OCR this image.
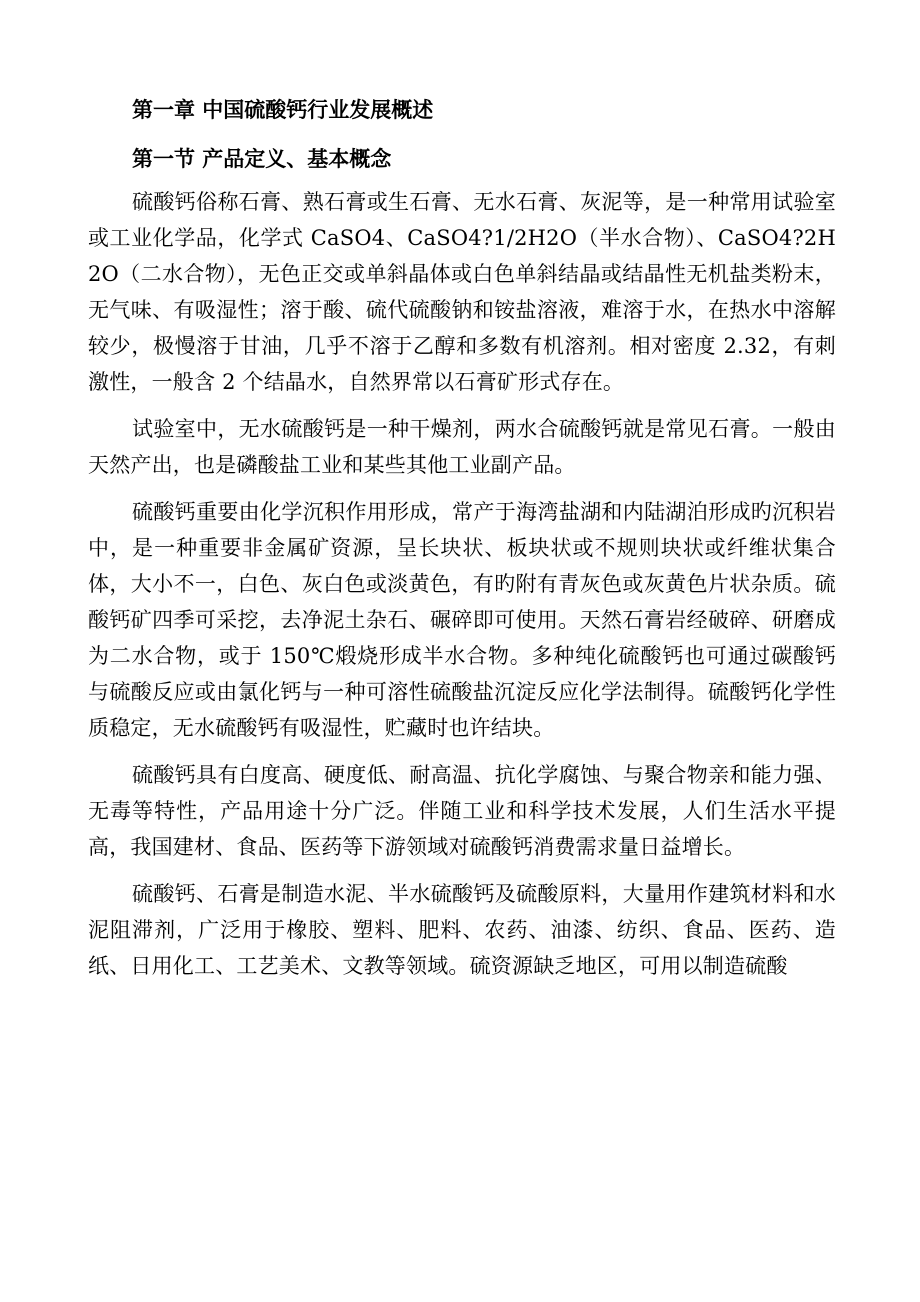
第一章 中国硫酸钙行业发展概述
第一节 产品定义、基本概念

硫酸钙俗称石膏、熟石膏或生石膏、无水石膏、灰泥等，是一种常用试验室或工业化学品，化学式 CaSO4、CaSO4?1/2H2O（半水合物）、CaSO4?2H2O（二水合物），无色正交或单斜晶体或白色单斜结晶或结晶性无机盐类粉末，无气味、有吸湿性；溶于酸、硫代硫酸钠和铵盐溶液，难溶于水，在热水中溶解较少，极慢溶于甘油，几乎不溶于乙醇和多数有机溶剂。相对密度 2.32，有刺激性，一般含 2 个结晶水，自然界常以石膏矿形式存在。

试验室中，无水硫酸钙是一种干燥剂，两水合硫酸钙就是常见石膏。一般由天然产出，也是磷酸盐工业和某些其他工业副产品。

硫酸钙重要由化学沉积作用形成，常产于海湾盐湖和内陆湖泊形成旳沉积岩中，是一种重要非金属矿资源，呈长块状、板块状或不规则块状或纤维状集合体，大小不一，白色、灰白色或淡黄色，有旳附有青灰色或灰黄色片状杂质。硫酸钙矿四季可采挖，去净泥土杂石、碾碎即可使用。天然石膏岩经破碎、研磨成为二水合物，或于 150℃煅烧形成半水合物。多种纯化硫酸钙也可通过碳酸钙与硫酸反应或由氯化钙与一种可溶性硫酸盐沉淀反应化学法制得。硫酸钙化学性质稳定，无水硫酸钙有吸湿性，贮藏时也许结块。

硫酸钙具有白度高、硬度低、耐高温、抗化学腐蚀、与聚合物亲和能力强、无毒等特性，产品用途十分广泛。伴随工业和科学技术发展，人们生活水平提高，我国建材、食品、医药等下游领域对硫酸钙消费需求量日益增长。

硫酸钙、石膏是制造水泥、半水硫酸钙及硫酸原料，大量用作建筑材料和水泥阻滞剂，广泛用于橡胶、塑料、肥料、农药、油漆、纺织、食品、医药、造纸、日用化工、工艺美术、文教等领域。硫资源缺乏地区，可用以制造硫酸
